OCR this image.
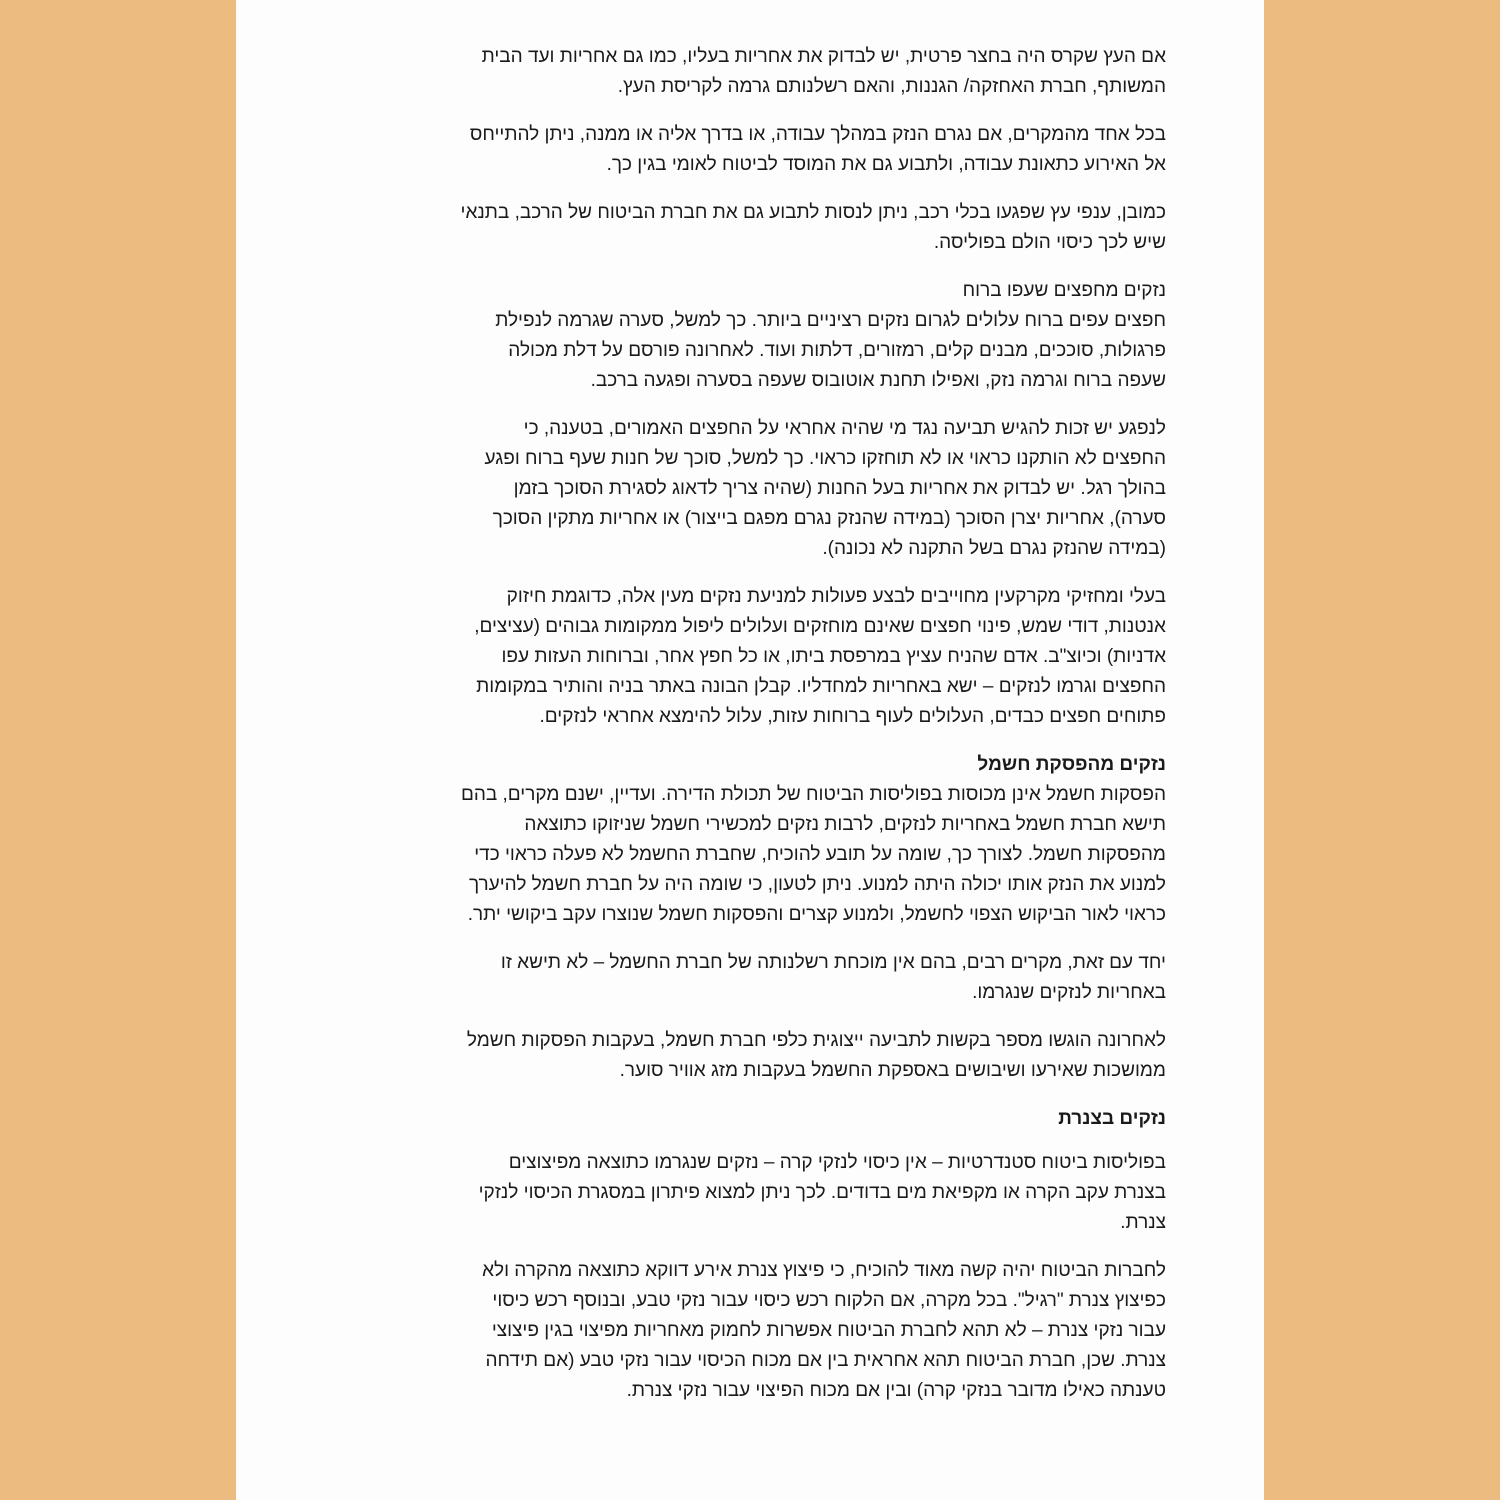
אם העץ שקרס היה בחצר פרטית, יש לבדוק את אחריות בעליו, כמו גם אחריות ועד הבית
המשותף, חברת האחזקה/ הגננות, והאם רשלנותם גרמה לקריסת העץ.

בכל אחד מהמקרים, אם נגרם הנזק במהלך עבודה, או בדרך אליה או ממנה, ניתן להתייחס
אל האירוע כתאונת עבודה, ולתבוע גם את המוסד לביטוח לאומי בגין כך.

כמובן, ענפי עץ שפגעו בכלי רכב, ניתן לנסות לתבוע גם את חברת הביטוח של הרכב, בתנאי
שיש לכך כיסוי הולם בפוליסה.

נזקים מחפצים שעפו ברוח
חפצים עפים ברוח עלולים לגרום נזקים רציניים ביותר. כך למשל, סערה שגרמה לנפילת
פרגולות, סוככים, מבנים קלים, רמזורים, דלתות ועוד. לאחרונה פורסם על דלת מכולה
שעפה ברוח וגרמה נזק, ואפילו תחנת אוטובוס שעפה בסערה ופגעה ברכב.

לנפגע יש זכות להגיש תביעה נגד מי שהיה אחראי על החפצים האמורים, בטענה, כי
החפצים לא הותקנו כראוי או לא תוחזקו כראוי. כך למשל, סוכך של חנות שעף ברוח ופגע
בהולך רגל. יש לבדוק את אחריות בעל החנות (שהיה צריך לדאוג לסגירת הסוכך בזמן
סערה), אחריות יצרן הסוכך (במידה שהנזק נגרם מפגם בייצור) או אחריות מתקין הסוכך
(במידה שהנזק נגרם בשל התקנה לא נכונה).

בעלי ומחזיקי מקרקעין מחוייבים לבצע פעולות למניעת נזקים מעין אלה, כדוגמת חיזוק
אנטנות, דודי שמש, פינוי חפצים שאינם מוחזקים ועלולים ליפול ממקומות גבוהים (עציצים,
אדניות) וכיוצ"ב. אדם שהניח עציץ במרפסת ביתו, או כל חפץ אחר, וברוחות העזות עפו
החפצים וגרמו לנזקים – ישא באחריות למחדליו. קבלן הבונה באתר בניה והותיר במקומות
פתוחים חפצים כבדים, העלולים לעוף ברוחות עזות, עלול להימצא אחראי לנזקים.

נזקים מהפסקת חשמל

הפסקות חשמל אינן מכוסות בפוליסות הביטוח של תכולת הדירה. ועדיין, ישנם מקרים, בהם
תישא חברת חשמל באחריות לנזקים, לרבות נזקים למכשירי חשמל שניזוקו כתוצאה
מהפסקות חשמל. לצורך כך, שומה על תובע להוכיח, שחברת החשמל לא פעלה כראוי כדי
למנוע את הנזק אותו יכולה היתה למנוע. ניתן לטעון, כי שומה היה על חברת חשמל להיערך
כראוי לאור הביקוש הצפוי לחשמל, ולמנוע קצרים והפסקות חשמל שנוצרו עקב ביקושי יתר.

יחד עם זאת, מקרים רבים, בהם אין מוכחת רשלנותה של חברת החשמל – לא תישא זו
באחריות לנזקים שנגרמו.

לאחרונה הוגשו מספר בקשות לתביעה ייצוגית כלפי חברת חשמל, בעקבות הפסקות חשמל
ממושכות שאירעו ושיבושים באספקת החשמל בעקבות מזג אוויר סוער.

נזקים בצנרת

בפוליסות ביטוח סטנדרטיות – אין כיסוי לנזקי קרה – נזקים שנגרמו כתוצאה מפיצוצים
בצנרת עקב הקרה או מקפיאת מים בדודים. לכך ניתן למצוא פיתרון במסגרת הכיסוי לנזקי
צנרת.

לחברות הביטוח יהיה קשה מאוד להוכיח, כי פיצוץ צנרת אירע דווקא כתוצאה מהקרה ולא
כפיצוץ צנרת "רגיל". בכל מקרה, אם הלקוח רכש כיסוי עבור נזקי טבע, ובנוסף רכש כיסוי
עבור נזקי צנרת – לא תהא לחברת הביטוח אפשרות לחמוק מאחריות מפיצוי בגין פיצוצי
צנרת. שכן, חברת הביטוח תהא אחראית בין אם מכוח הכיסוי עבור נזקי טבע (אם תידחה
טענתה כאילו מדובר בנזקי קרה) ובין אם מכוח הפיצוי עבור נזקי צנרת.
